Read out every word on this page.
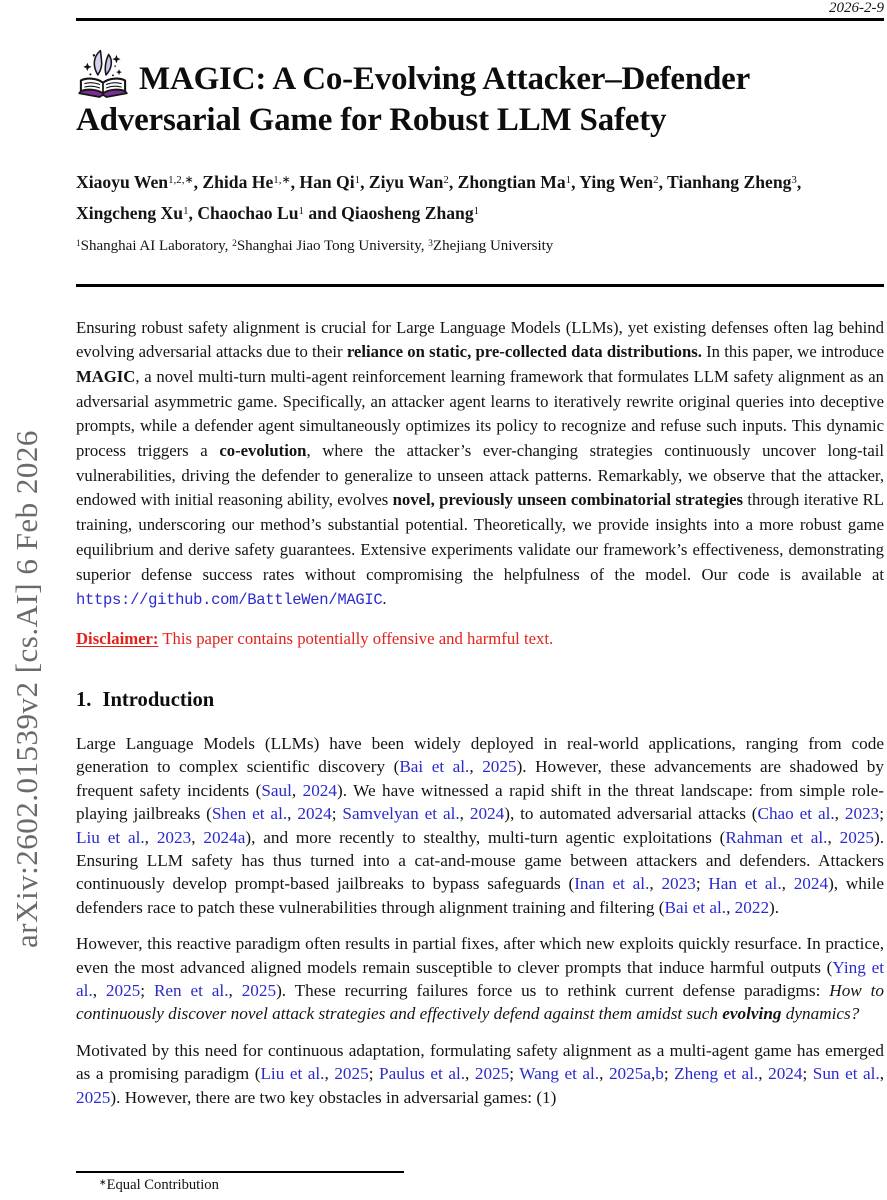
arXiv:2602.01539v2 [cs.AI] 6 Feb 2026
2026-2-9
MAGIC: A Co-Evolving Attacker–Defender Adversarial Game for Robust LLM Safety

Xiaoyu Wen$^{1,2,∗}$, Zhida $He^{1,∗}$, Han Qi$^1$, Ziyu Wan$^2$, Zhongtian Ma$^1$, Ying Wen$^2$, Tianhang Zheng$^3$, Xingcheng Xu$^1$, Chaochao Lu$^1$ and Qiaosheng Zhang$^1$

$^1$Shanghai AI Laboratory, $^2$Shanghai Jiao Tong University, $^3$Zhejiang University

Ensuring robust safety alignment is crucial for Large Language Models (LLMs), yet existing defenses often lag behind evolving adversarial attacks due to their reliance on static, pre-collected data distributions. In this paper, we introduce MAGIC, a novel multi-turn multi-agent reinforcement learning framework that formulates LLM safety alignment as an adversarial asymmetric game. Specifically, an attacker agent learns to iteratively rewrite original queries into deceptive prompts, while a defender agent simultaneously optimizes its policy to recognize and refuse such inputs. This dynamic process triggers a co-evolution, where the attacker’s ever-changing strategies continuously uncover long-tail vulnerabilities, driving the defender to generalize to unseen attack patterns. Remarkably, we observe that the attacker, endowed with initial reasoning ability, evolves novel, previously unseen combinatorial strategies through iterative RL training, underscoring our method’s substantial potential. Theoretically, we provide insights into a more robust game equilibrium and derive safety guarantees. Extensive experiments validate our framework’s effectiveness, demonstrating superior defense success rates without compromising the helpfulness of the model. Our code is available at https://github.com/BattleWen/MAGIC.

Disclaimer: This paper contains potentially offensive and harmful text.

1. Introduction

Large Language Models (LLMs) have been widely deployed in real-world applications, ranging from code generation to complex scientific discovery (Bai et al., 2025). However, these advancements are shadowed by frequent safety incidents (Saul, 2024). We have witnessed a rapid shift in the threat landscape: from simple role-playing jailbreaks (Shen et al., 2024; Samvelyan et al., 2024), to automated adversarial attacks (Chao et al., 2023; Liu et al., 2023, 2024a), and more recently to stealthy, multi-turn agentic exploitations (Rahman et al., 2025). Ensuring LLM safety has thus turned into a cat-and-mouse game between attackers and defenders. Attackers continuously develop prompt-based jailbreaks to bypass safeguards (Inan et al., 2023; Han et al., 2024), while defenders race to patch these vulnerabilities through alignment training and filtering (Bai et al., 2022).

However, this reactive paradigm often results in partial fixes, after which new exploits quickly resurface. In practice, even the most advanced aligned models remain susceptible to clever prompts that induce harmful outputs (Ying et al., 2025; Ren et al., 2025). These recurring failures force us to rethink current defense paradigms: How to continuously discover novel attack strategies and effectively defend against them amidst such evolving dynamics?

Motivated by this need for continuous adaptation, formulating safety alignment as a multi-agent game has emerged as a promising paradigm (Liu et al., 2025; Paulus et al., 2025; Wang et al., 2025a,b; Zheng et al., 2024; Sun et al., 2025). However, there are two key obstacles in adversarial games: (1)

∗Equal Contribution
